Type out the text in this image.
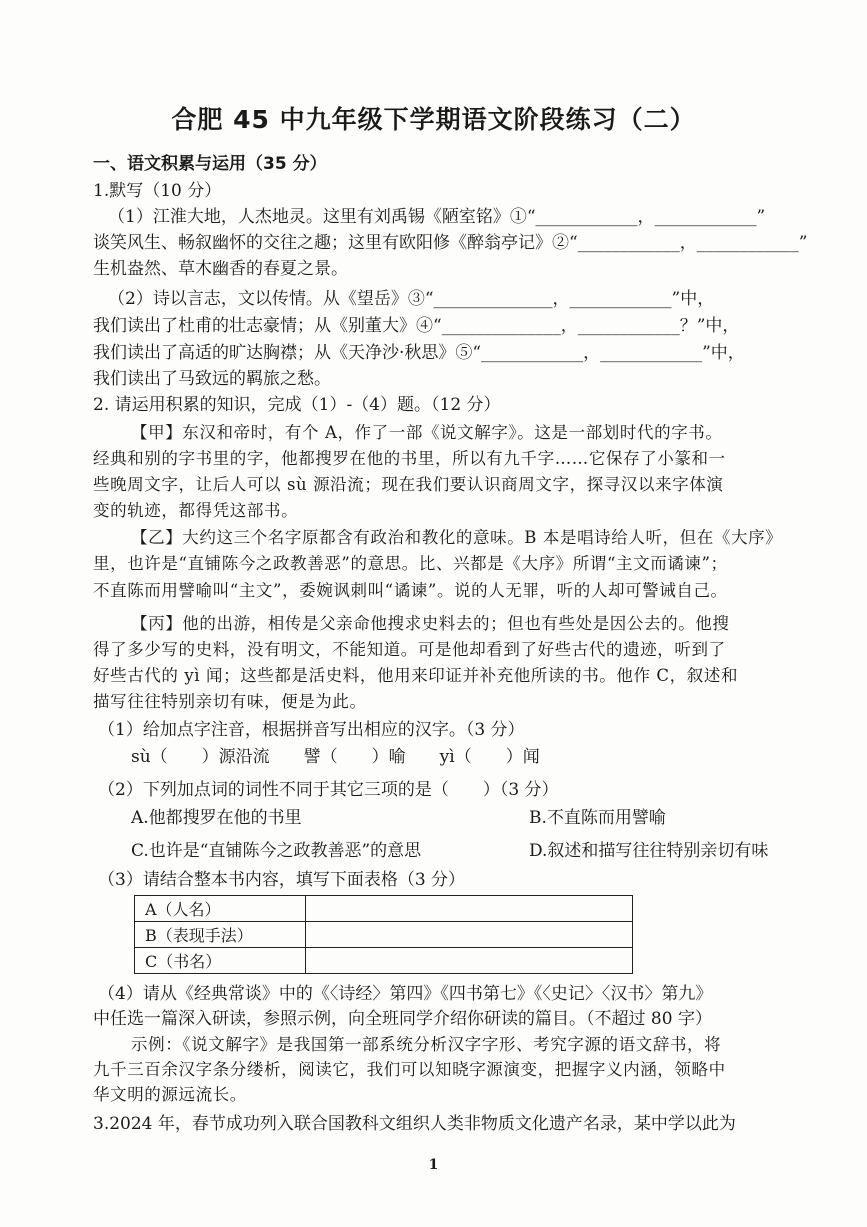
合肥 45 中九年级下学期语文阶段练习（二）
一、语文积累与运用（35 分）
1.默写（10 分）
（1）江淮大地，人杰地灵。这里有刘禹锡《陋室铭》①“____________，____________”
谈笑风生、畅叙幽怀的交往之趣；这里有欧阳修《醉翁亭记》②“____________，____________”
生机盎然、草木幽香的春夏之景。
（2）诗以言志，文以传情。从《望岳》③“______________，____________”中，
我们读出了杜甫的壮志豪情；从《别董大》④“______________，____________？”中，
我们读出了高适的旷达胸襟；从《天净沙·秋思》⑤“____________，____________”中，
我们读出了马致远的羁旅之愁。
2. 请运用积累的知识，完成（1）-（4）题。（12 分）
【甲】东汉和帝时，有个 A，作了一部《说文解字》。这是一部划时代的字书。
经典和别的字书里的字，他都搜罗在他的书里，所以有九千字……它保存了小篆和一
些晚周文字，让后人可以 sù 源沿流；现在我们要认识商周文字，探寻汉以来字体演
变的轨迹，都得凭这部书。
【乙】大约这三个名字原都含有政治和教化的意味。B 本是唱诗给人听，但在《大序》
里，也许是“直铺陈今之政教善恶”的意思。比、兴都是《大序》所谓“主文而谲谏”；
不直陈而用譬喻叫“主文”，委婉讽刺叫“谲谏”。说的人无罪，听的人却可警诫自己。
【丙】他的出游，相传是父亲命他搜求史料去的；但也有些处是因公去的。他搜
得了多少写的史料，没有明文，不能知道。可是他却看到了好些古代的遗迹，听到了
好些古代的 yì 闻；这些都是活史料，他用来印证并补充他所读的书。他作 C，叙述和
描写往往特别亲切有味，便是为此。
（1）给加点字注音，根据拼音写出相应的汉字。（3 分）
sù（　　）源沿流　　譬（　　）喻　　yì（　　）闻
（2）下列加点词的词性不同于其它三项的是（　　）（3 分）
A.他都搜罗在他的书里	B.不直陈而用譬喻
C.也许是“直铺陈今之政教善恶”的意思	D.叙述和描写往往特别亲切有味
（3）请结合整本书内容，填写下面表格（3 分）
A（人名）	
B（表现手法）	
C（书名）	
（4）请从《经典常谈》中的《〈诗经〉第四》《四书第七》《〈史记〉〈汉书〉第九》
中任选一篇深入研读，参照示例，向全班同学介绍你研读的篇目。（不超过 80 字）
示例：《说文解字》是我国第一部系统分析汉字字形、考究字源的语文辞书，将
九千三百余汉字条分缕析，阅读它，我们可以知晓字源演变，把握字义内涵，领略中
华文明的源远流长。
3.2024 年，春节成功列入联合国教科文组织人类非物质文化遗产名录，某中学以此为
1
